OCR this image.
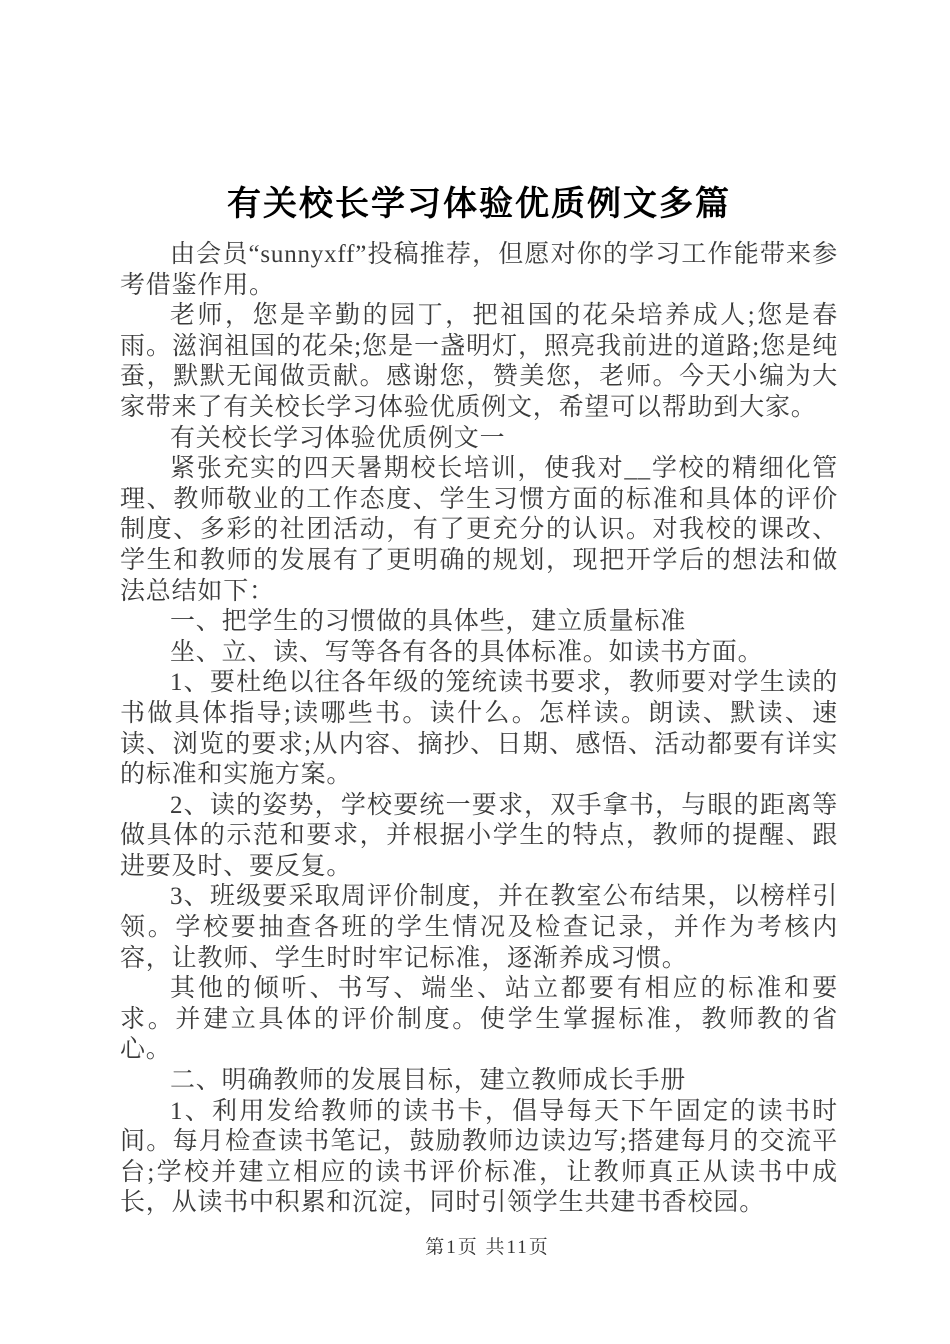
有关校长学习体验优质例文多篇

由会员“sunnyxff”投稿推荐，但愿对你的学习工作能带来参考借鉴作用。

老师，您是辛勤的园丁，把祖国的花朵培养成人;您是春雨。滋润祖国的花朵;您是一盏明灯，照亮我前进的道路;您是纯蚕，默默无闻做贡献。感谢您，赞美您，老师。今天小编为大家带来了有关校长学习体验优质例文，希望可以帮助到大家。

有关校长学习体验优质例文一

紧张充实的四天暑期校长培训，使我对__学校的精细化管理、教师敬业的工作态度、学生习惯方面的标准和具体的评价制度、多彩的社团活动，有了更充分的认识。对我校的课改、学生和教师的发展有了更明确的规划，现把开学后的想法和做法总结如下：

一、把学生的习惯做的具体些，建立质量标准

坐、立、读、写等各有各的具体标准。如读书方面。

1、要杜绝以往各年级的笼统读书要求，教师要对学生读的书做具体指导;读哪些书。读什么。怎样读。朗读、默读、速读、浏览的要求;从内容、摘抄、日期、感悟、活动都要有详实的标准和实施方案。

2、读的姿势，学校要统一要求，双手拿书，与眼的距离等做具体的示范和要求，并根据小学生的特点，教师的提醒、跟进要及时、要反复。

3、班级要采取周评价制度，并在教室公布结果，以榜样引领。学校要抽查各班的学生情况及检查记录，并作为考核内容，让教师、学生时时牢记标准，逐渐养成习惯。

其他的倾听、书写、端坐、站立都要有相应的标准和要求。并建立具体的评价制度。使学生掌握标准，教师教的省心。

二、明确教师的发展目标，建立教师成长手册

1、利用发给教师的读书卡，倡导每天下午固定的读书时间。每月检查读书笔记，鼓励教师边读边写;搭建每月的交流平台;学校并建立相应的读书评价标准，让教师真正从读书中成长，从读书中积累和沉淀，同时引领学生共建书香校园。

第1页 共11页
